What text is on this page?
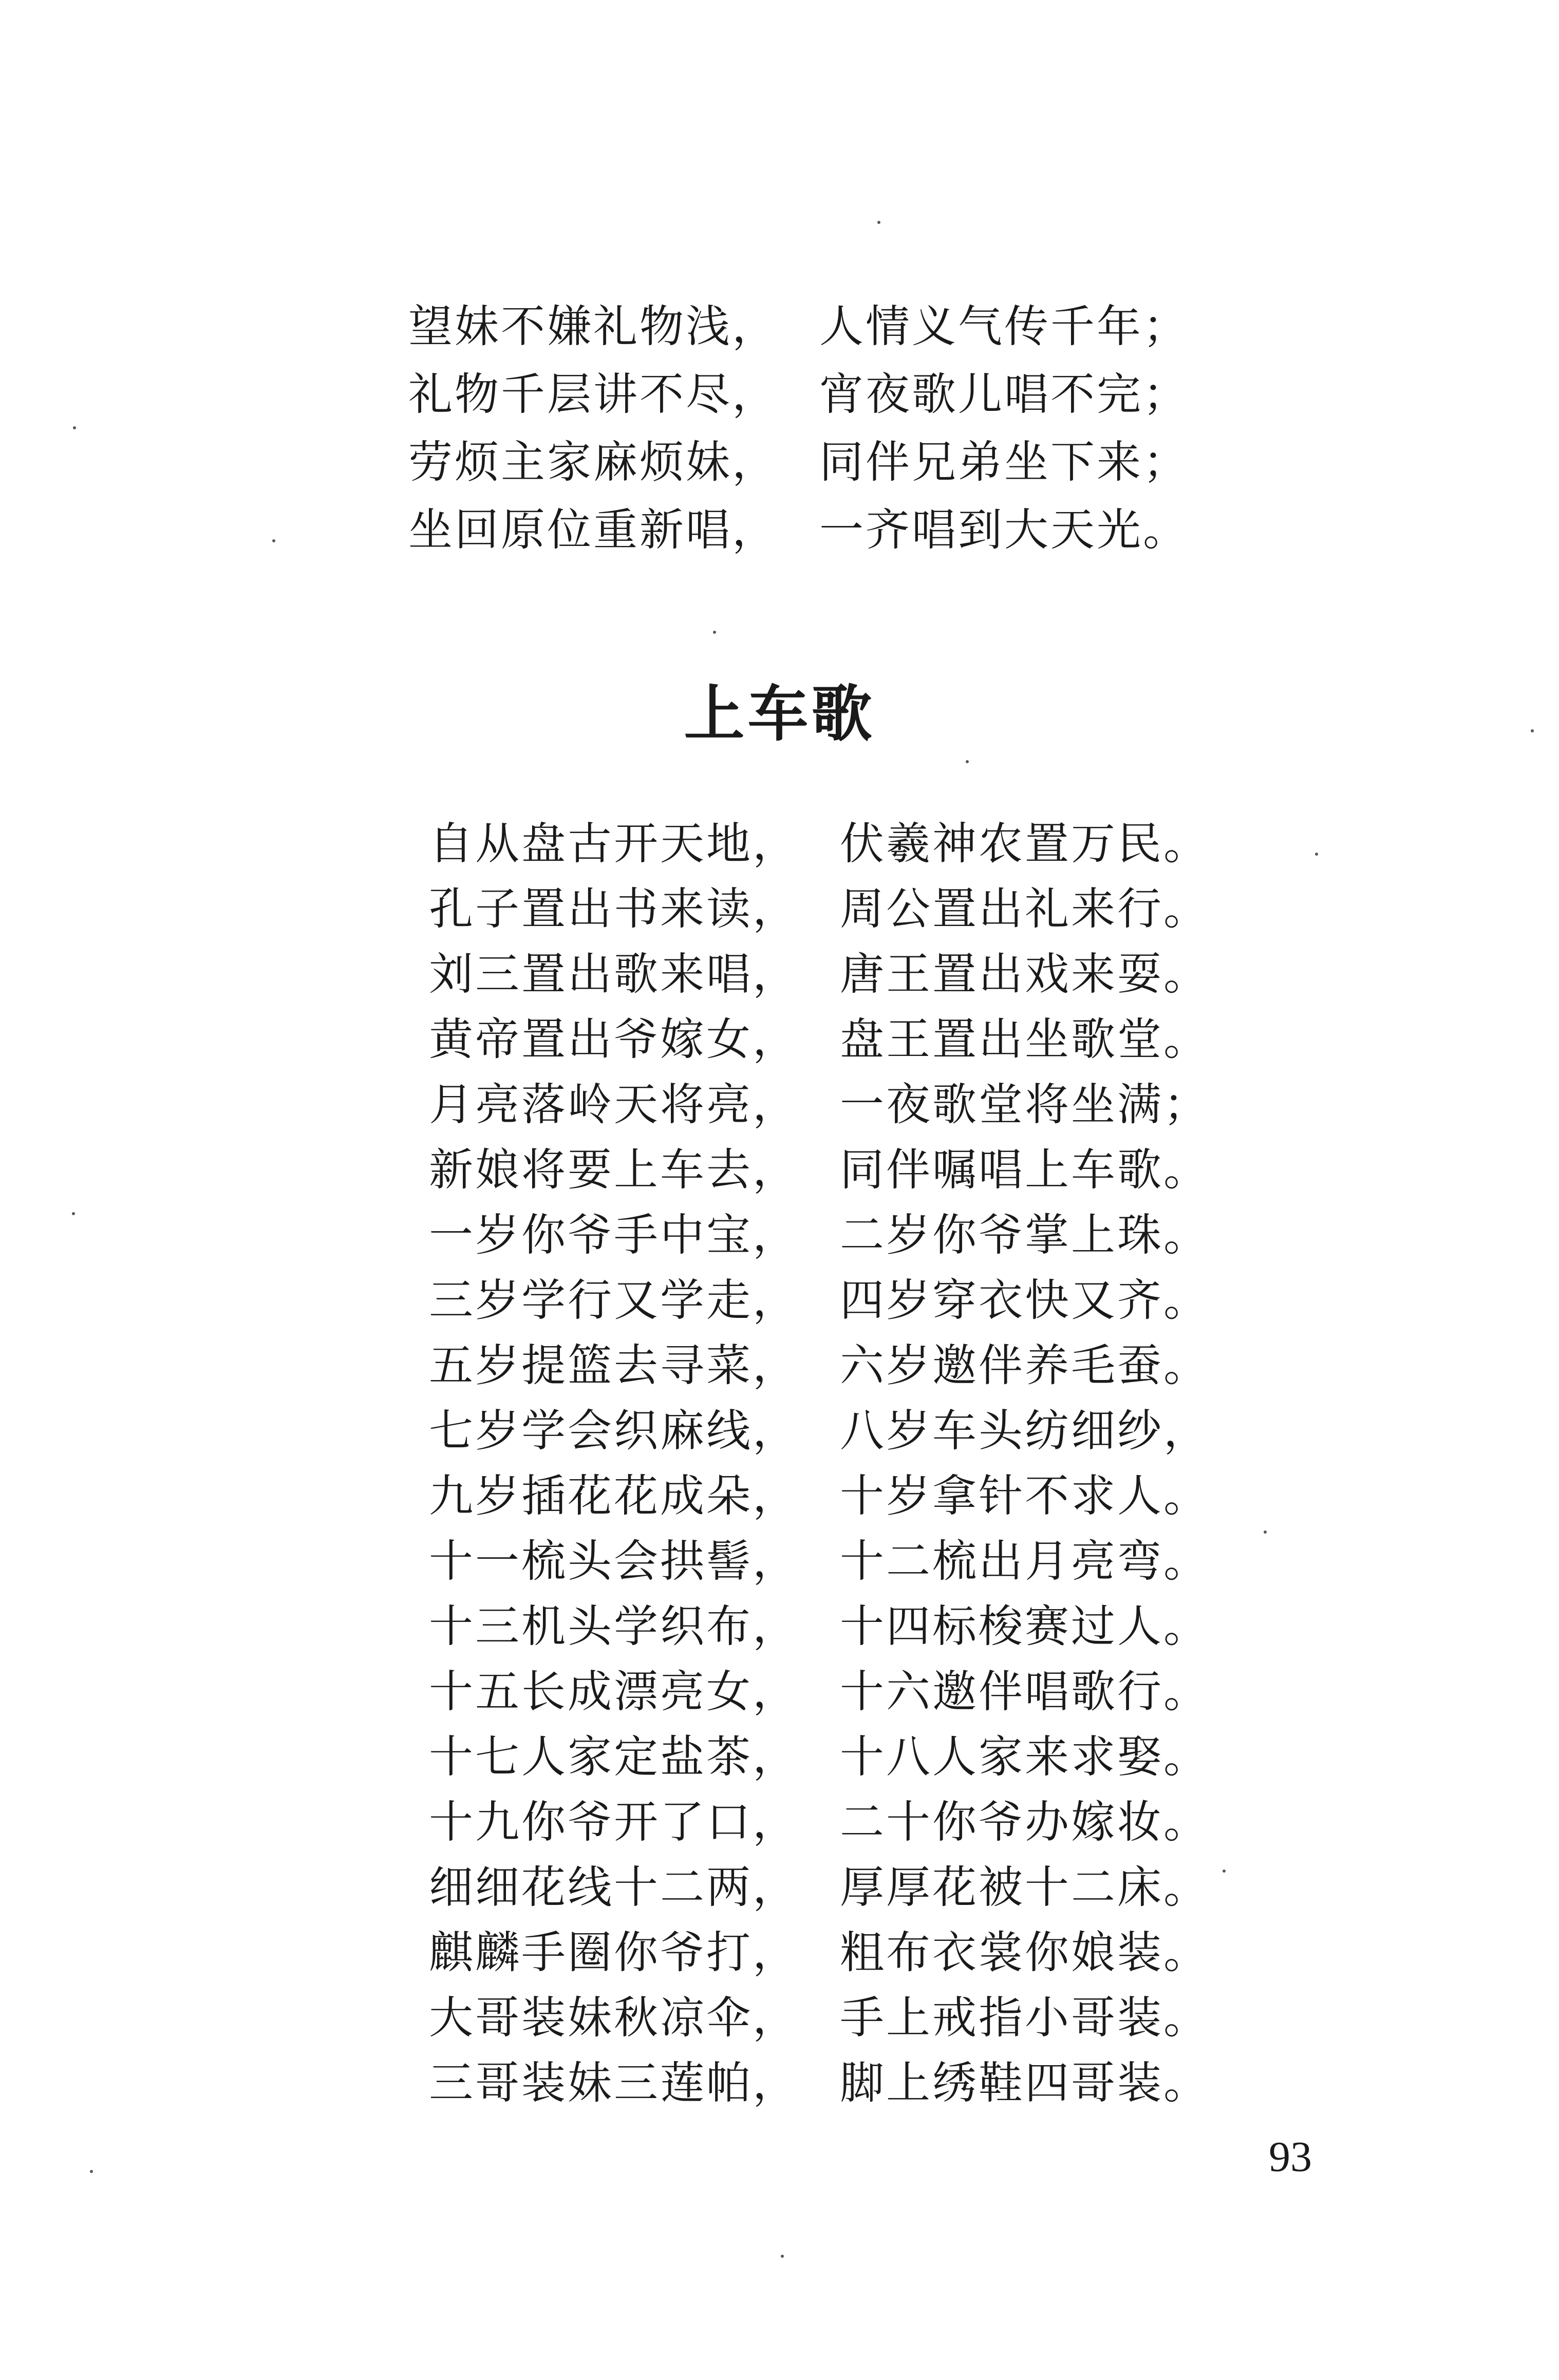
望妹不嫌礼物浅， 人情义气传千年；
礼物千层讲不尽， 宵夜歌儿唱不完；
劳烦主家麻烦妹， 同伴兄弟坐下来；
坐回原位重新唱， 一齐唱到大天光。
上车歌
自从盘古开天地， 伏羲神农置万民。
孔子置出书来读， 周公置出礼来行。
刘三置出歌来唱， 唐王置出戏来耍。
黄帝置出爷嫁女， 盘王置出坐歌堂。
月亮落岭天将亮， 一夜歌堂将坐满；
新娘将要上车去， 同伴嘱唱上车歌。
一岁你爷手中宝， 二岁你爷掌上珠。
三岁学行又学走， 四岁穿衣快又齐。
五岁提篮去寻菜， 六岁邀伴养毛蚕。
七岁学会织麻线， 八岁车头纺细纱，
九岁插花花成朵， 十岁拿针不求人。
十一梳头会拱髻， 十二梳出月亮弯。
十三机头学织布， 十四标梭赛过人。
十五长成漂亮女， 十六邀伴唱歌行。
十七人家定盐茶， 十八人家来求娶。
十九你爷开了口， 二十你爷办嫁妆。
细细花线十二两， 厚厚花被十二床。
麒麟手圈你爷打， 粗布衣裳你娘装。
大哥装妹秋凉伞， 手上戒指小哥装。
三哥装妹三莲帕， 脚上绣鞋四哥装。
93
